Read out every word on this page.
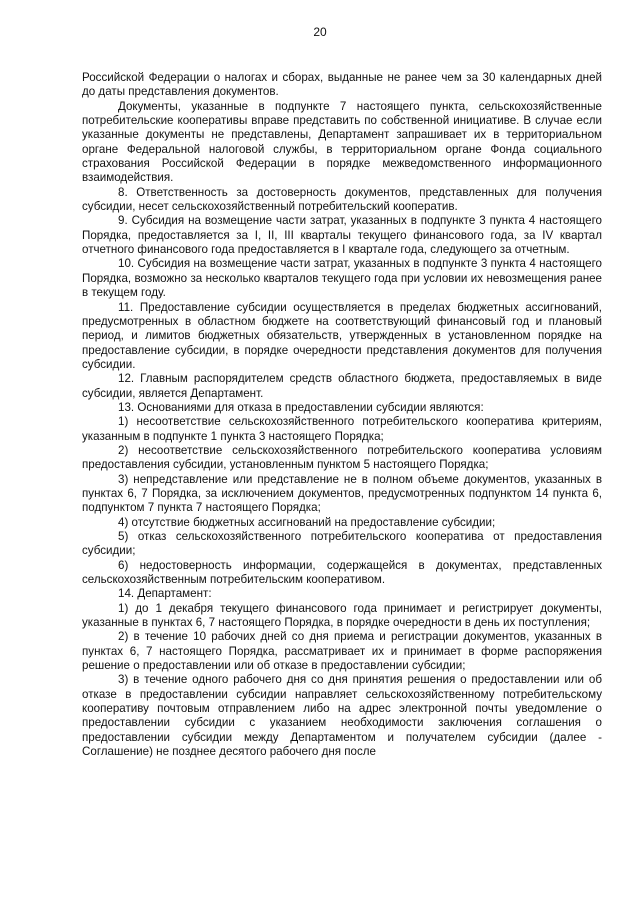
20

Российской Федерации о налогах и сборах, выданные не ранее чем за 30 календарных дней до даты представления документов.

Документы, указанные в подпункте 7 настоящего пункта, сельскохозяйственные потребительские кооперативы вправе представить по собственной инициативе. В случае если указанные документы не представлены, Департамент запрашивает их в территориальном органе Федеральной налоговой службы, в территориальном органе Фонда социального страхования Российской Федерации в порядке межведомственного информационного взаимодействия.

8. Ответственность за достоверность документов, представленных для получения субсидии, несет сельскохозяйственный потребительский кооператив.

9. Субсидия на возмещение части затрат, указанных в подпункте 3 пункта 4 настоящего Порядка, предоставляется за I, II, III кварталы текущего финансового года, за IV квартал отчетного финансового года предоставляется в I квартале года, следующего за отчетным.

10. Субсидия на возмещение части затрат, указанных в подпункте 3 пункта 4 настоящего Порядка, возможно за несколько кварталов текущего года при условии их невозмещения ранее в текущем году.

11. Предоставление субсидии осуществляется в пределах бюджетных ассигнований, предусмотренных в областном бюджете на соответствующий финансовый год и плановый период, и лимитов бюджетных обязательств, утвержденных в установленном порядке на предоставление субсидии, в порядке очередности представления документов для получения субсидии.

12. Главным распорядителем средств областного бюджета, предоставляемых в виде субсидии, является Департамент.

13. Основаниями для отказа в предоставлении субсидии являются:

1) несоответствие сельскохозяйственного потребительского кооператива критериям, указанным в подпункте 1 пункта 3 настоящего Порядка;

2) несоответствие сельскохозяйственного потребительского кооператива условиям предоставления субсидии, установленным пунктом 5 настоящего Порядка;

3) непредставление или представление не в полном объеме документов, указанных в пунктах 6, 7 Порядка, за исключением документов, предусмотренных подпунктом 14 пункта 6, подпунктом 7 пункта 7 настоящего Порядка;

4) отсутствие бюджетных ассигнований на предоставление субсидии;

5) отказ сельскохозяйственного потребительского кооператива от предоставления субсидии;

6) недостоверность информации, содержащейся в документах, представленных сельскохозяйственным потребительским кооперативом.

14. Департамент:

1) до 1 декабря текущего финансового года принимает и регистрирует документы, указанные в пунктах 6, 7 настоящего Порядка, в порядке очередности в день их поступления;

2) в течение 10 рабочих дней со дня приема и регистрации документов, указанных в пунктах 6, 7 настоящего Порядка, рассматривает их и принимает в форме распоряжения решение о предоставлении или об отказе в предоставлении субсидии;

3) в течение одного рабочего дня со дня принятия решения о предоставлении или об отказе в предоставлении субсидии направляет сельскохозяйственному потребительскому кооперативу почтовым отправлением либо на адрес электронной почты уведомление о предоставлении субсидии с указанием необходимости заключения соглашения о предоставлении субсидии между Департаментом и получателем субсидии (далее - Соглашение) не позднее десятого рабочего дня после
